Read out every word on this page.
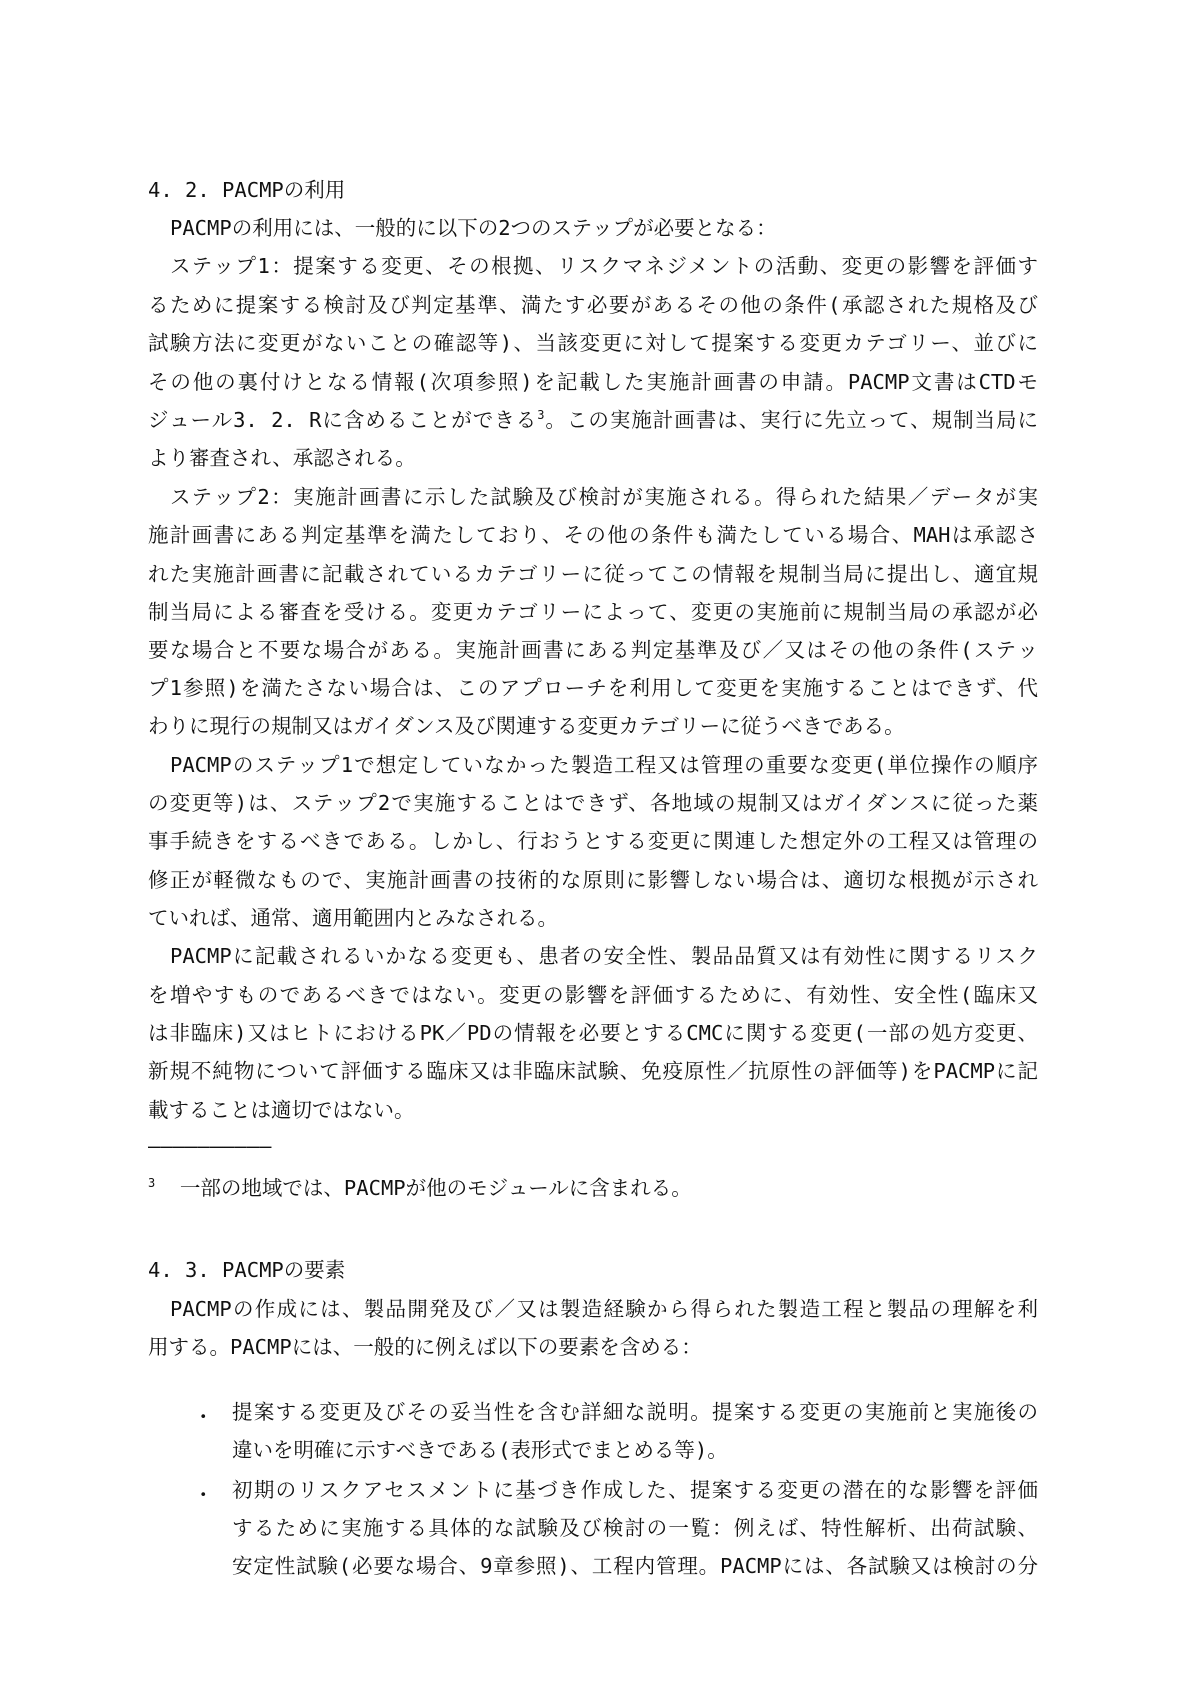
4. 2. PACMPの利用
PACMPの利用には、一般的に以下の2つのステップが必要となる：
ステップ1：提案する変更、その根拠、リスクマネジメントの活動、変更の影響を評価す
るために提案する検討及び判定基準、満たす必要があるその他の条件(承認された規格及び
試験方法に変更がないことの確認等)、当該変更に対して提案する変更カテゴリー、並びに
その他の裏付けとなる情報(次項参照)を記載した実施計画書の申請。PACMP文書はCTDモ
ジュール3. 2. Rに含めることができる$^3$。この実施計画書は、実行に先立って、規制当局に
より審査され、承認される。
ステップ2：実施計画書に示した試験及び検討が実施される。得られた結果／データが実
施計画書にある判定基準を満たしており、その他の条件も満たしている場合、MAHは承認さ
れた実施計画書に記載されているカテゴリーに従ってこの情報を規制当局に提出し、適宜規
制当局による審査を受ける。変更カテゴリーによって、変更の実施前に規制当局の承認が必
要な場合と不要な場合がある。実施計画書にある判定基準及び／又はその他の条件(ステッ
プ1参照)を満たさない場合は、このアプローチを利用して変更を実施することはできず、代
わりに現行の規制又はガイダンス及び関連する変更カテゴリーに従うべきである。
PACMPのステップ1で想定していなかった製造工程又は管理の重要な変更(単位操作の順序
の変更等)は、ステップ2で実施することはできず、各地域の規制又はガイダンスに従った薬
事手続きをするべきである。しかし、行おうとする変更に関連した想定外の工程又は管理の
修正が軽微なもので、実施計画書の技術的な原則に影響しない場合は、適切な根拠が示され
ていれば、通常、適用範囲内とみなされる。
PACMPに記載されるいかなる変更も、患者の安全性、製品品質又は有効性に関するリスク
を増やすものであるべきではない。変更の影響を評価するために、有効性、安全性(臨床又
は非臨床)又はヒトにおけるPK／PDの情報を必要とするCMCに関する変更(一部の処方変更、
新規不純物について評価する臨床又は非臨床試験、免疫原性／抗原性の評価等)をPACMPに記
載することは適切ではない。
――――――――――
$^3$ 一部の地域では、PACMPが他のモジュールに含まれる。
4. 3. PACMPの要素
PACMPの作成には、製品開発及び／又は製造経験から得られた製造工程と製品の理解を利
用する。PACMPには、一般的に例えば以下の要素を含める：
・ 提案する変更及びその妥当性を含む詳細な説明。提案する変更の実施前と実施後の
違いを明確に示すべきである(表形式でまとめる等)。
・ 初期のリスクアセスメントに基づき作成した、提案する変更の潜在的な影響を評価
するために実施する具体的な試験及び検討の一覧：例えば、特性解析、出荷試験、
安定性試験(必要な場合、9章参照)、工程内管理。PACMPには、各試験又は検討の分
